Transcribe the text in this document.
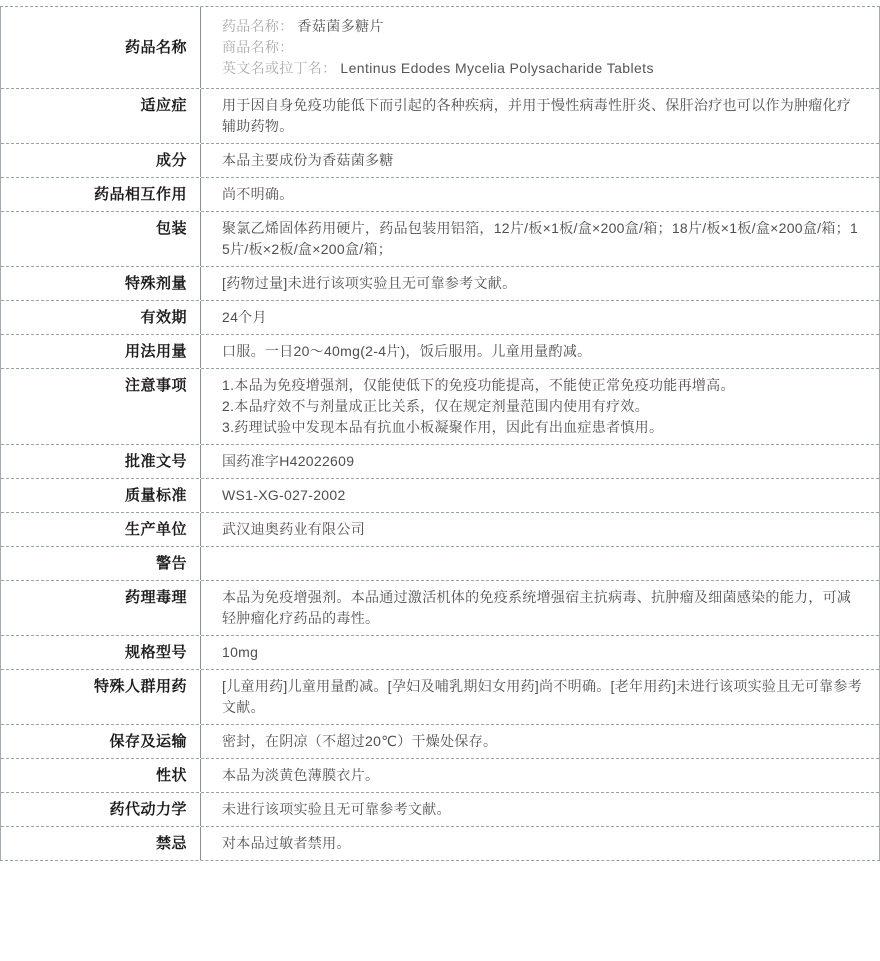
药品名称
药品名称： 香菇菌多糖片
商品名称：
英文名或拉丁名： Lentinus Edodes Mycelia Polysacharide Tablets
适应症	用于因自身免疫功能低下而引起的各种疾病，并用于慢性病毒性肝炎、保肝治疗也可以作为肿瘤化疗辅助药物。
成分	本品主要成份为香菇菌多糖
药品相互作用	尚不明确。
包装	聚氯乙烯固体药用硬片，药品包装用铝箔，12片/板×1板/盒×200盒/箱；18片/板×1板/盒×200盒/箱；15片/板×2板/盒×200盒/箱；
特殊剂量	[药物过量]未进行该项实验且无可靠参考文献。
有效期	24个月
用法用量	口服。一日20～40mg(2-4片)，饭后服用。儿童用量酌减。
注意事项	1.本品为免疫增强剂，仅能使低下的免疫功能提高，不能使正常免疫功能再增高。
2.本品疗效不与剂量成正比关系，仅在规定剂量范围内使用有疗效。
3.药理试验中发现本品有抗血小板凝聚作用，因此有出血症患者慎用。
批准文号	国药准字H42022609
质量标准	WS1-XG-027-2002
生产单位	武汉迪奥药业有限公司
警告
药理毒理	本品为免疫增强剂。本品通过激活机体的免疫系统增强宿主抗病毒、抗肿瘤及细菌感染的能力，可减轻肿瘤化疗药品的毒性。
规格型号	10mg
特殊人群用药	[儿童用药]儿童用量酌减。[孕妇及哺乳期妇女用药]尚不明确。[老年用药]未进行该项实验且无可靠参考文献。
保存及运输	密封，在阴凉（不超过20℃）干燥处保存。
性状	本品为淡黄色薄膜衣片。
药代动力学	未进行该项实验且无可靠参考文献。
禁忌	对本品过敏者禁用。
